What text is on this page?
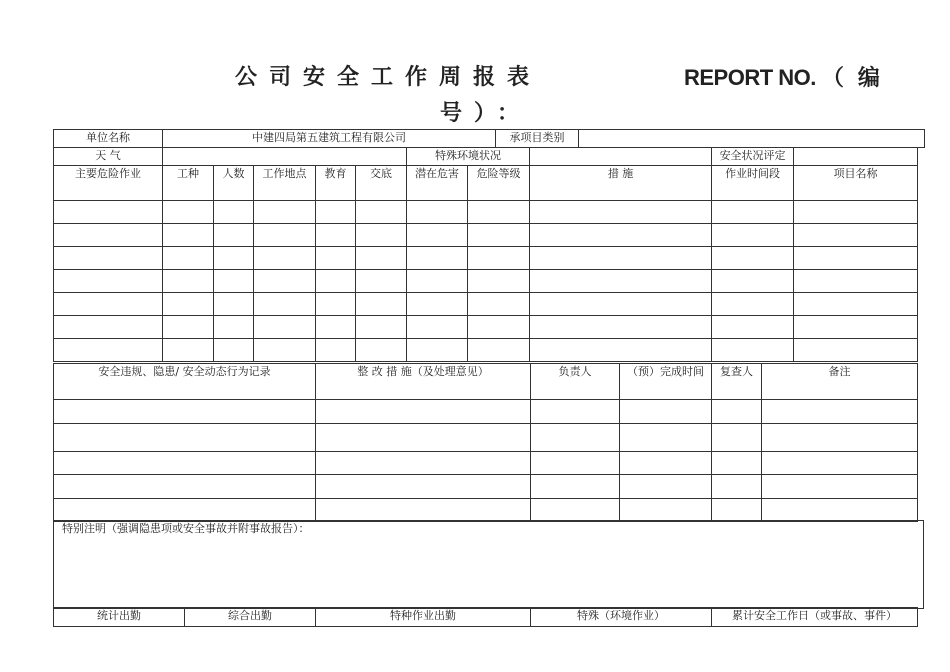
公司安全工作周报表	REPORT NO. （编
号）：
单位名称	中建四局第五建筑工程有限公司	承项目类别	
天 气						特殊环境状况			安全状况评定	
主要危险作业	工种	人数	工作地点	教育	交底	潜在危害	危险等级	措 施	作业时间段	项目名称

安全违规、隐患/ 安全动态行为记录	整 改 措 施（及处理意见）	负责人	（预）完成时间	复查人	备注

特别注明（强调隐患项或安全事故并附事故报告）：
统计出勤	综合出勤	特种作业出勤	特殊（环境作业）	累计安全工作日（或事故、事件）
